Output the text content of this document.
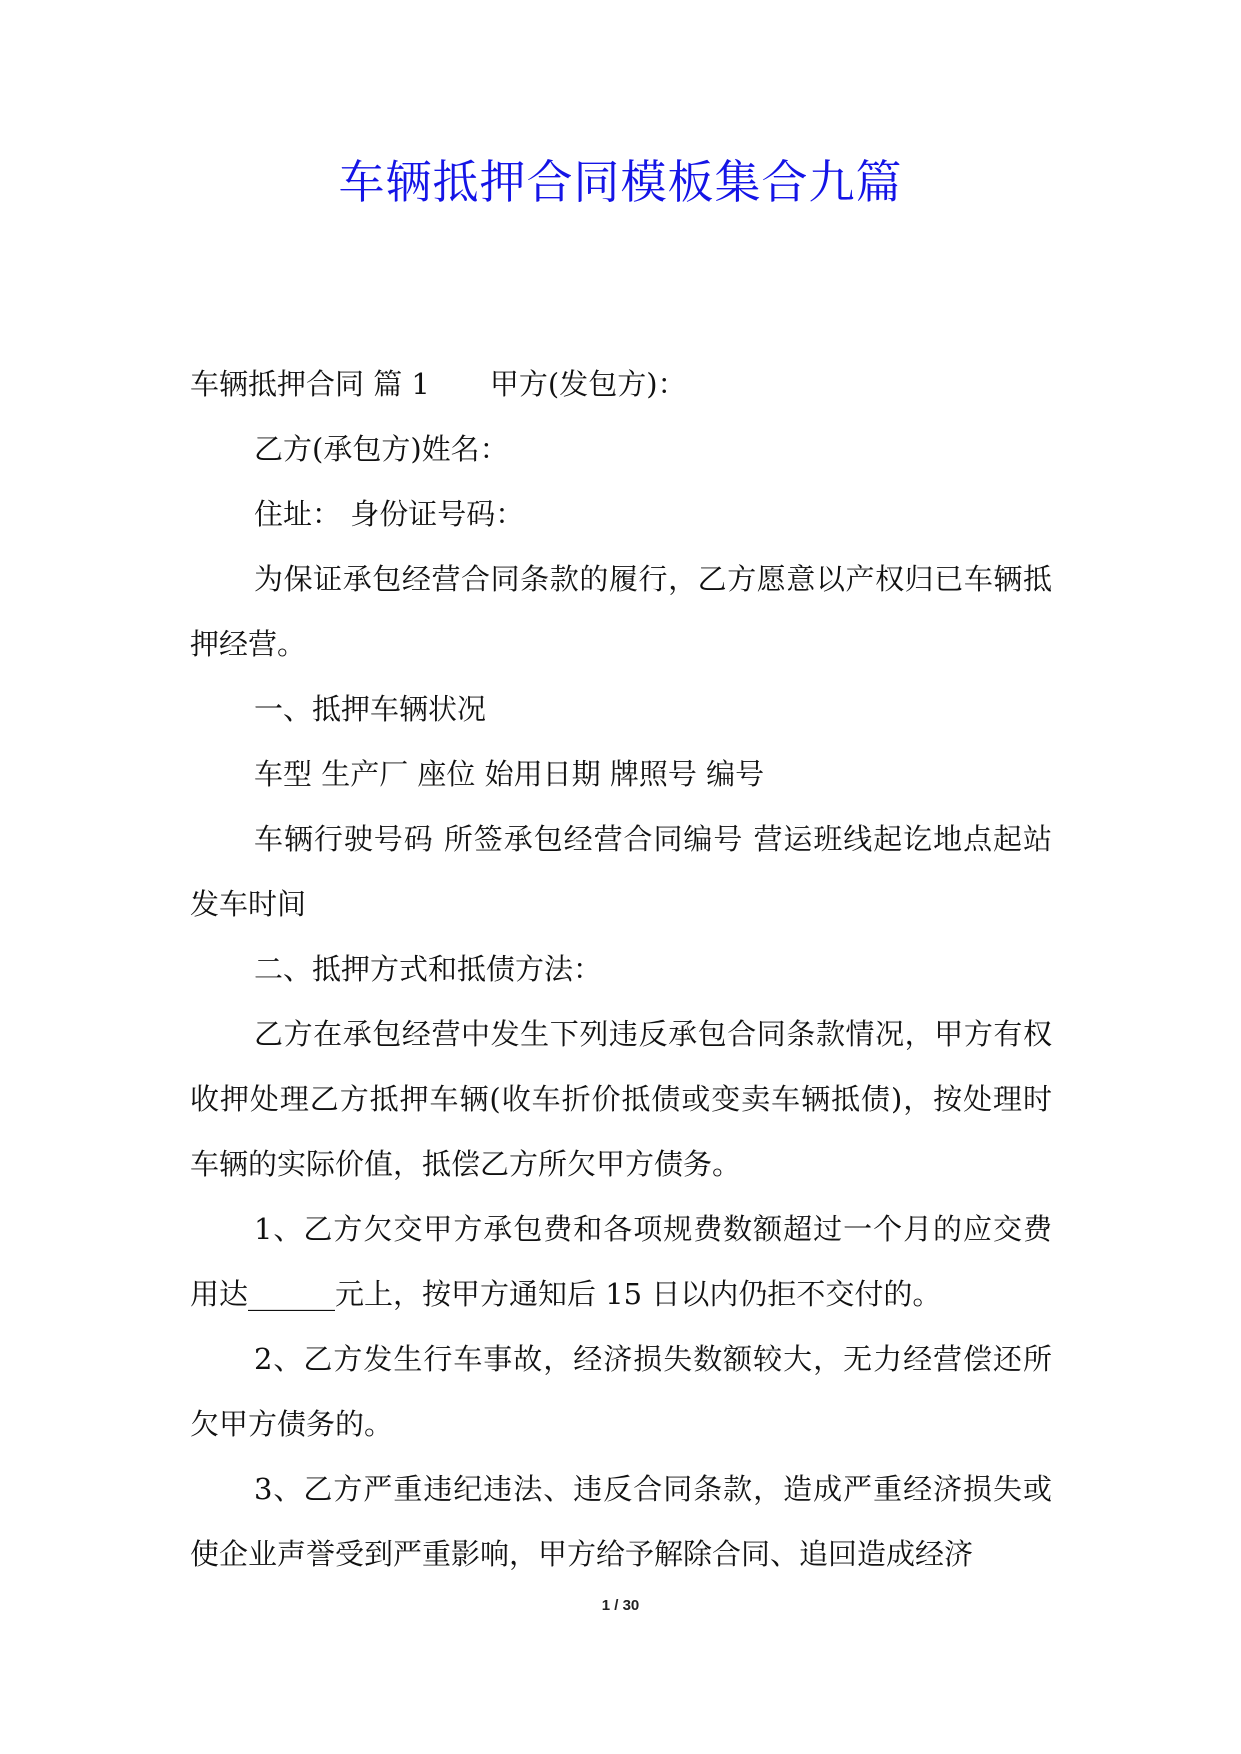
车辆抵押合同模板集合九篇

车辆抵押合同 篇 1 甲方(发包方)：

乙方(承包方)姓名：

住址： 身份证号码：

为保证承包经营合同条款的履行，乙方愿意以产权归已车辆抵押经营。

一、抵押车辆状况

车型 生产厂 座位 始用日期 牌照号 编号

车辆行驶号码 所签承包经营合同编号 营运班线起讫地点起站发车时间

二、抵押方式和抵债方法：

乙方在承包经营中发生下列违反承包合同条款情况，甲方有权收押处理乙方抵押车辆(收车折价抵债或变卖车辆抵债)，按处理时车辆的实际价值，抵偿乙方所欠甲方债务。

1、乙方欠交甲方承包费和各项规费数额超过一个月的应交费用达______元上，按甲方通知后 15 日以内仍拒不交付的。

2、乙方发生行车事故，经济损失数额较大，无力经营偿还所欠甲方债务的。

3、乙方严重违纪违法、违反合同条款，造成严重经济损失或使企业声誉受到严重影响，甲方给予解除合同、追回造成经济

1 / 30
